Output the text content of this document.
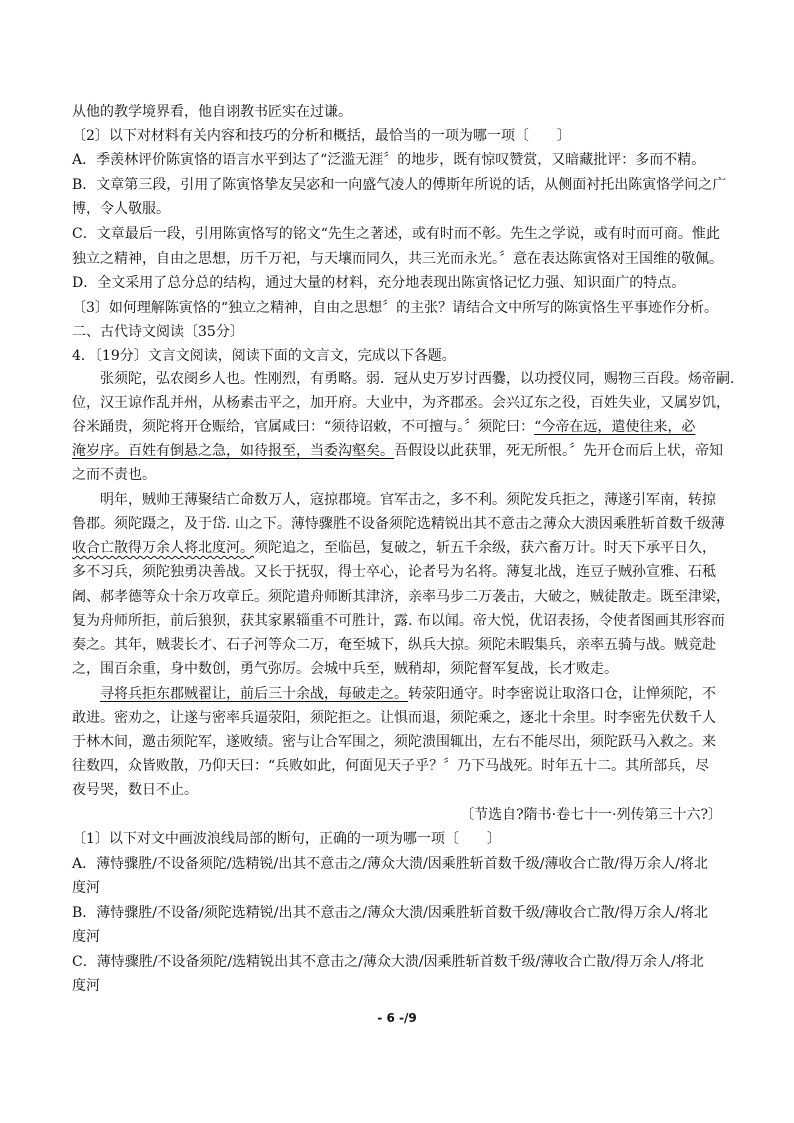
从他的教学境界看，他自诩教书匠实在过谦。
〔2〕以下对材料有关内容和技巧的分析和概括，最恰当的一项为哪一项〔　　〕
A．季羡林评价陈寅恪的语言水平到达了“泛滥无涯〞的地步，既有惊叹赞赏，又暗藏批评：多而不精。
B．文章第三段，引用了陈寅恪挚友吴宓和一向盛气凌人的傅斯年所说的话，从侧面衬托出陈寅恪学问之广
博，令人敬服。
C．文章最后一段，引用陈寅恪写的铭文“先生之著述，或有时而不彰。先生之学说，或有时而可商。惟此
独立之精神，自由之思想，历千万祀，与天壤而同久，共三光而永光。〞意在表达陈寅恪对王国维的敬佩。
D．全文采用了总分总的结构，通过大量的材料，充分地表现出陈寅恪记忆力强、知识面广的特点。
〔3〕如何理解陈寅恪的“独立之精神，自由之思想〞的主张？请结合文中所写的陈寅恪生平事迹作分析。
二、古代诗文阅读〔35分〕
4．〔19分〕文言文阅读，阅读下面的文言文，完成以下各题。
张须陀，弘农阌乡人也。性刚烈，有勇略。弱．冠从史万岁讨西爨，以功授仪同，赐物三百段。炀帝嗣．
位，汉王谅作乱并州，从杨素击平之，加开府。大业中，为齐郡丞。会兴辽东之役，百姓失业，又属岁饥，
谷米踊贵，须陀将开仓赈给，官属咸曰：“须待诏敕，不可擅与。〞须陀曰：“今帝在远，遣使往来，必
淹岁序。百姓有倒悬之急，如待报至，当委沟壑矣。吾假设以此获罪，死无所恨。〞先开仓而后上状，帝知
之而不责也。
明年，贼帅王薄聚结亡命数万人，寇掠郡境。官军击之，多不利。须陀发兵拒之，薄遂引军南，转掠
鲁郡。须陀蹑之，及于岱. 山之下。薄恃骤胜不设备须陀选精锐出其不意击之薄众大溃因乘胜斩首数千级薄
收合亡散得万余人将北度河。须陀追之，至临邑，复破之，斩五千余级，获六畜万计。时天下承平日久，
多不习兵，须陀独勇决善战。又长于抚驭，得士卒心，论者号为名将。薄复北战，连豆子贼孙宣雅、石秪
阇、郝孝德等众十余万攻章丘。须陀遣舟师断其津济，亲率马步二万袭击，大破之，贼徒散走。既至津梁，
复为舟师所拒，前后狼狈，获其家累辎重不可胜计，露. 布以闻。帝大悦，优诏表扬，令使者图画其形容而
奏之。其年，贼裴长才、石子河等众二万，奄至城下，纵兵大掠。须陀未暇集兵，亲率五骑与战。贼竞赴
之，围百余重，身中数创，勇气弥厉。会城中兵至，贼稍却，须陀督军复战，长才败走。
寻将兵拒东郡贼翟让，前后三十余战，每破走之。转荥阳通守。时李密说让取洛口仓，让惮须陀，不
敢进。密劝之，让遂与密率兵逼荥阳，须陀拒之。让惧而退，须陀乘之，逐北十余里。时李密先伏数千人
于林木间，邀击须陀军，遂败绩。密与让合军围之，须陀溃围辄出，左右不能尽出，须陀跃马入救之。来
往数四，众皆败散，乃仰天曰：“兵败如此，何面见天子乎？〞乃下马战死。时年五十二。其所部兵，尽
夜号哭，数日不止。
〔节选自?隋书·卷七十一·列传第三十六?〕
〔1〕以下对文中画波浪线局部的断句，正确的一项为哪一项〔　　〕
A．薄恃骤胜/不设备须陀/选精锐/出其不意击之/薄众大溃/因乘胜斩首数千级/薄收合亡散/得万余人/将北
度河
B．薄恃骤胜/不设备/须陀选精锐/出其不意击之/薄众大溃/因乘胜斩首数千级/薄收合亡散/得万余人/将北
度河
C．薄恃骤胜/不设备须陀/选精锐出其不意击之/薄众大溃/因乘胜斩首数千级/薄收合亡散/得万余人/将北
度河
- 6 -/9
